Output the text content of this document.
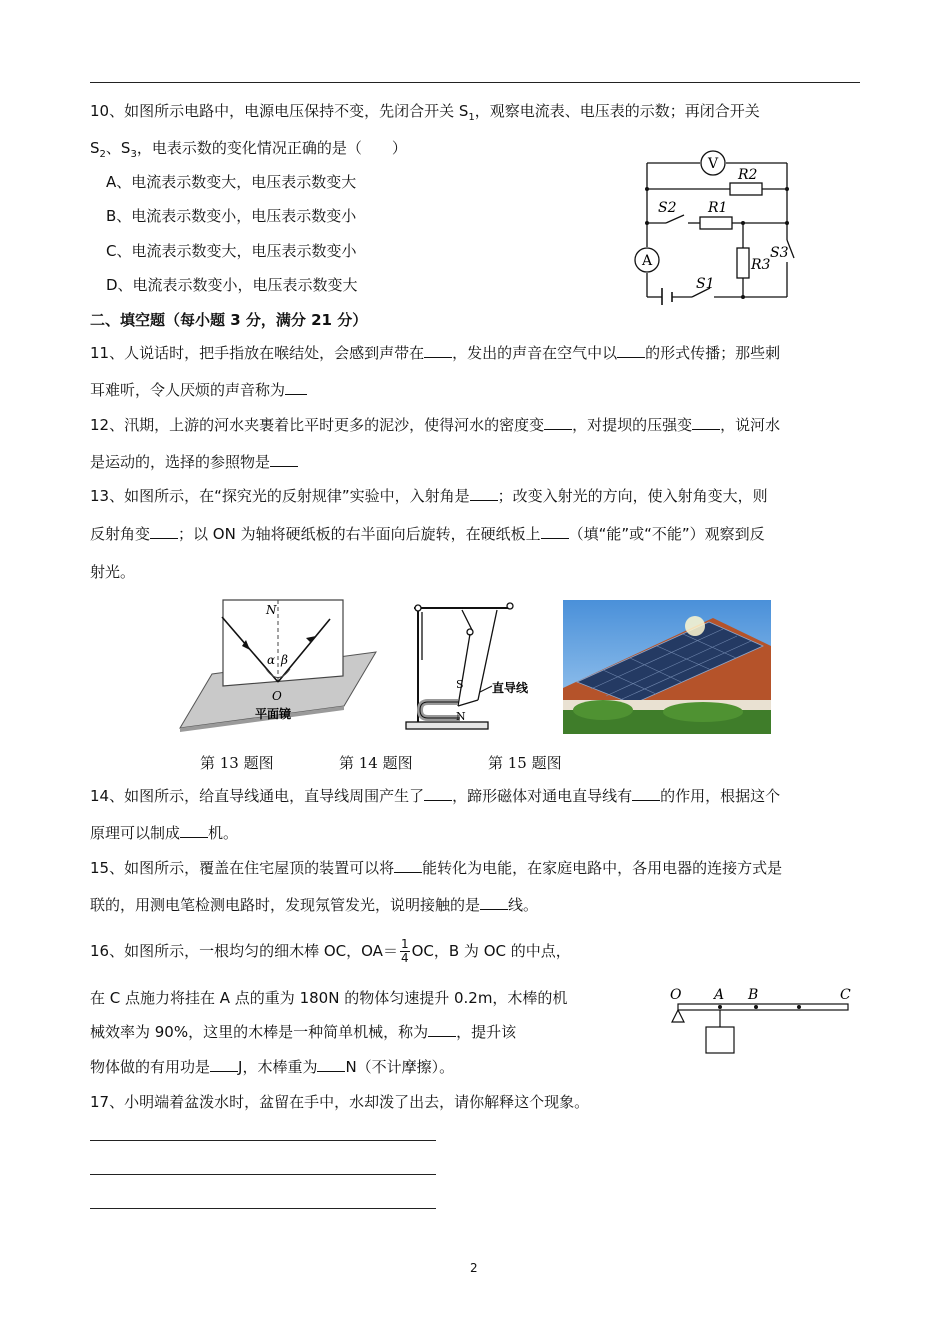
10、如图所示电路中，电源电压保持不变，先闭合开关 $S_1$，观察电流表、电压表的示数；再闭合开关
$S_2$、$S_3$，电表示数的变化情况正确的是（　　）
A、电流表示数变大，电压表示数变大
B、电流表示数变小，电压表示数变小
C、电流表示数变大，电压表示数变小
D、电流表示数变小，电压表示数变大
V
A
R2
R1
R3
S2
S1
S3
二、填空题（每小题 3 分，满分 21 分）
11、人说话时，把手指放在喉结处，会感到声带在 ，发出的声音在空气中以 的形式传播；那些刺
耳难听，令人厌烦的声音称为
12、汛期，上游的河水夹裹着比平时更多的泥沙，使得河水的密度变 ，对提坝的压强变 ，说河水
是运动的，选择的参照物是
13、如图所示，在“探究光的反射规律”实验中，入射角是 ；改变入射光的方向，使入射角变大，则
反射角变 ；以 ON 为轴将硬纸板的右半面向后旋转，在硬纸板上 （填“能”或“不能”）观察到反
射光。
N
α β
O
平面镜
S
N
直导线
第 13 题图	第 14 题图	第 15 题图
14、如图所示，给直导线通电，直导线周围产生了 ，蹄形磁体对通电直导线有 的作用，根据这个
原理可以制成 机。
15、如图所示，覆盖在住宅屋顶的装置可以将 能转化为电能，在家庭电路中，各用电器的连接方式是
联的，用测电笔检测电路时，发现氖管发光，说明接触的是 线。
16、如图所示，一根均匀的细木棒 OC，$OA= \frac{1}{4}$ OC，B 为 OC 的中点，
在 C 点施力将挂在 A 点的重为 180N 的物体匀速提升 0.2m，木棒的机
械效率为 90%，这里的木棒是一种简单机械，称为 ，提升该
物体做的有用功是 J，木棒重为 N（不计摩擦）。
O A B	C
17、小明端着盆泼水时，盆留在手中，水却泼了出去，请你解释这个现象。
2
